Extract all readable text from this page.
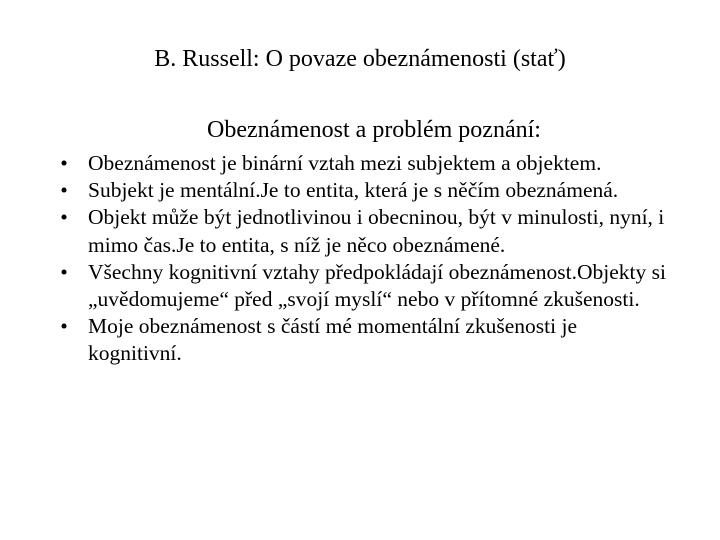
B. Russell: O povaze obeznámenosti (stať)
Obeznámenost a problém poznání:
• Obeznámenost je binární vztah mezi subjektem a objektem.
• Subjekt je mentální.Je to entita, která je s něčím obeznámená.
• Objekt může být jednotlivinou i obecninou, být v minulosti, nyní, i mimo čas.Je to entita, s níž je něco obeznámené.
• Všechny kognitivní vztahy předpokládají obeznámenost.Objekty si „uvědomujeme“ před „svojí myslí“ nebo v přítomné zkušenosti.
• Moje obeznámenost s částí mé momentální zkušenosti je kognitivní.
